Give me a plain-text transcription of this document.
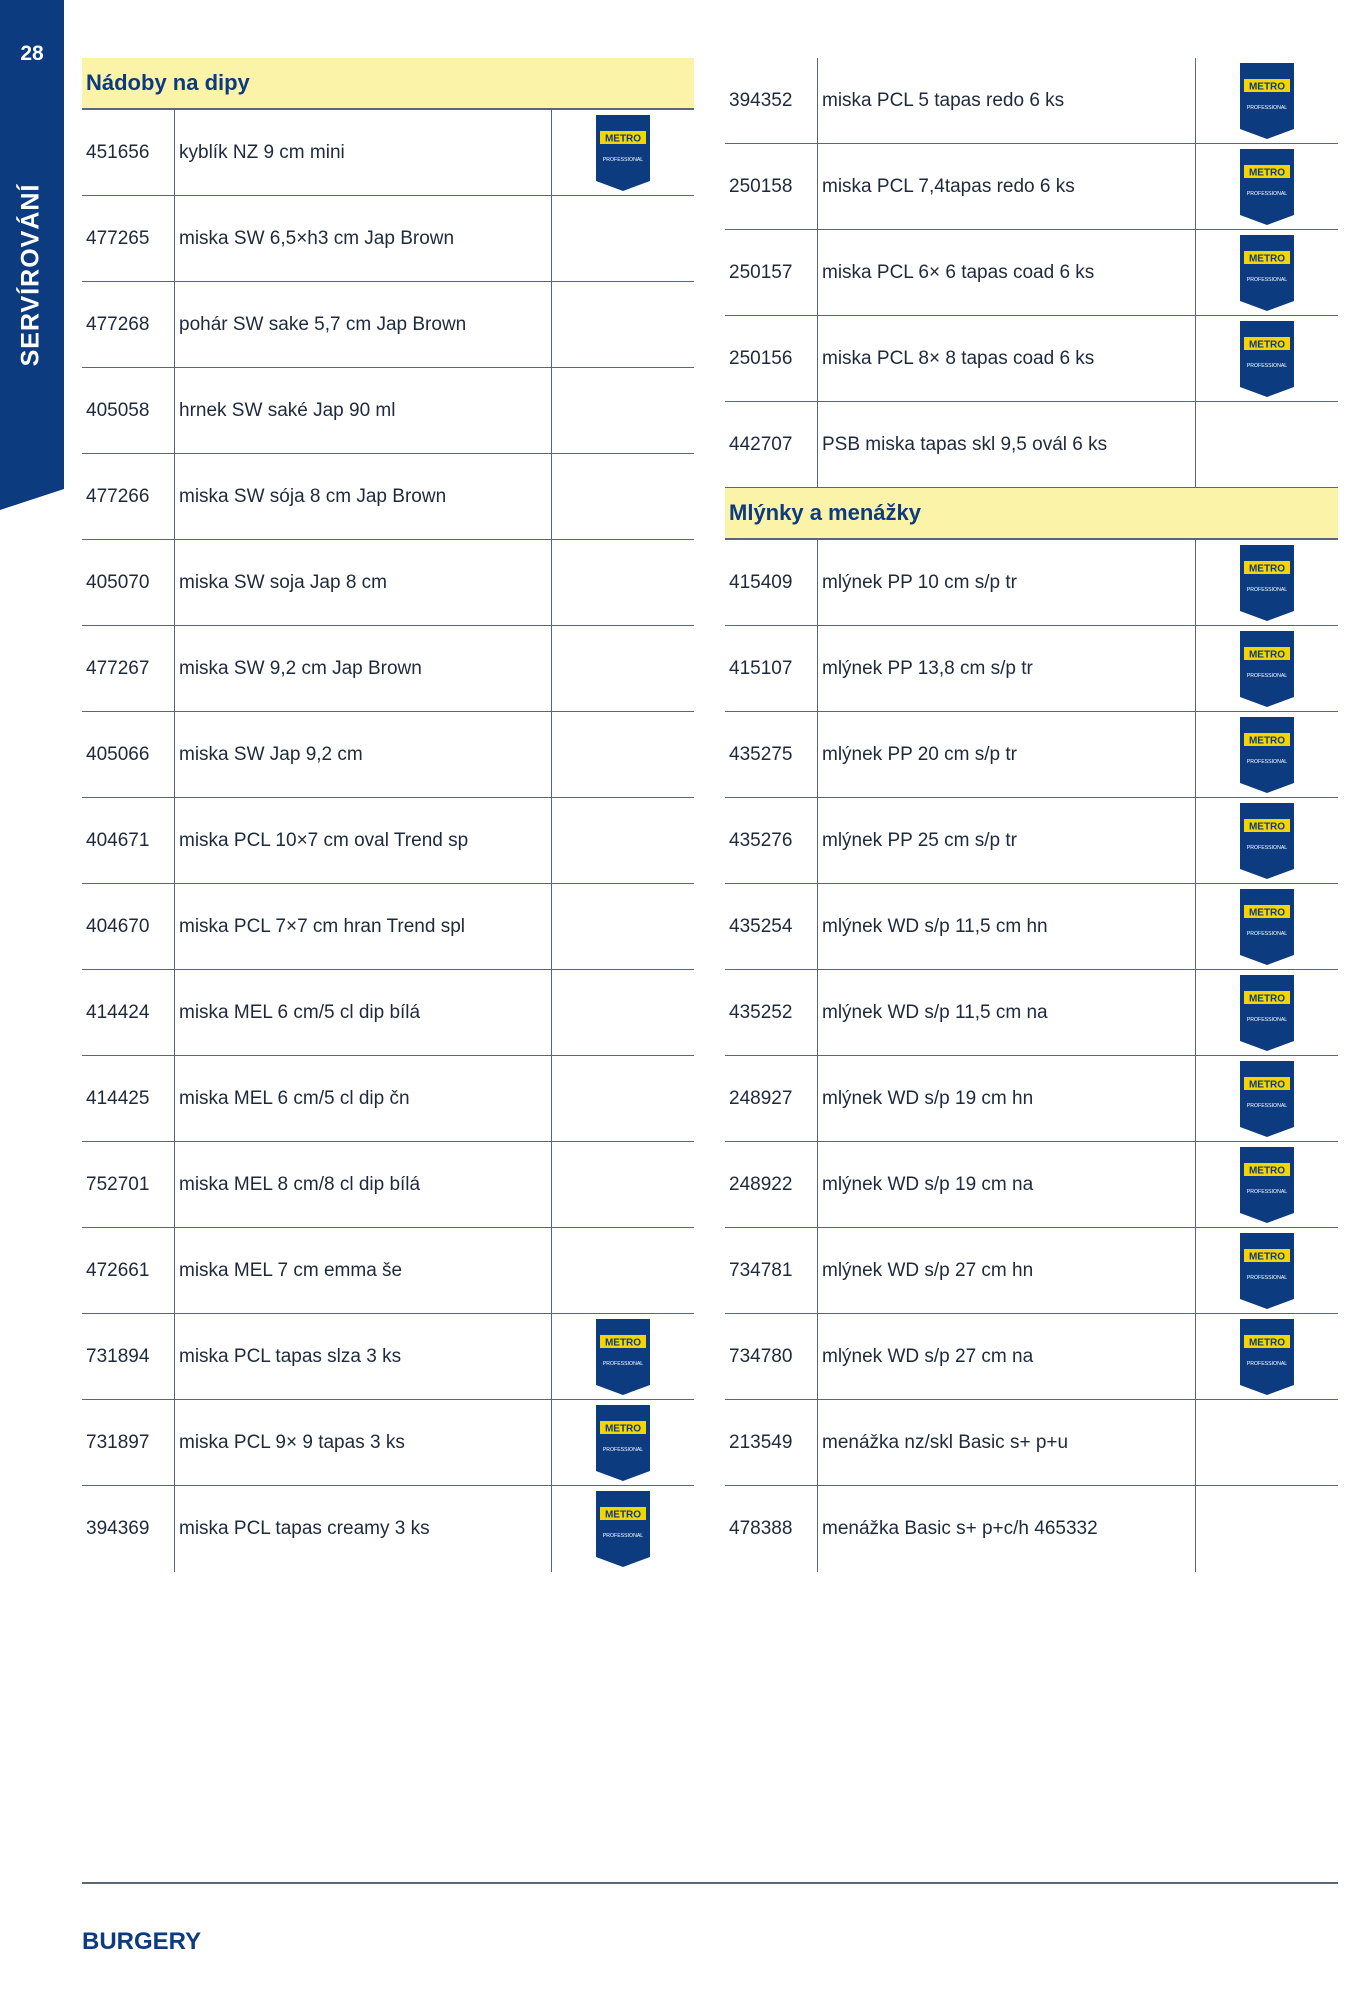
28
SERVÍROVÁNÍ
Nádoby na dipy
451656	kyblík NZ 9 cm mini
METRO
PROFESSIONAL
477265	miska SW 6,5×h3 cm Jap Brown
477268	pohár SW sake 5,7 cm Jap Brown
405058	hrnek SW saké Jap 90 ml
477266	miska SW sója 8 cm Jap Brown
405070	miska SW soja Jap 8 cm
477267	miska SW 9,2 cm Jap Brown
405066	miska SW Jap 9,2 cm
404671	miska PCL 10×7 cm oval Trend sp
404670	miska PCL 7×7 cm hran Trend spl
414424	miska MEL 6 cm/5 cl dip bílá
414425	miska MEL 6 cm/5 cl dip čn
752701	miska MEL 8 cm/8 cl dip bílá
472661	miska MEL 7 cm emma še
731894	miska PCL tapas slza 3 ks
METRO
PROFESSIONAL
731897	miska PCL 9× 9 tapas 3 ks
METRO
PROFESSIONAL
394369	miska PCL tapas creamy 3 ks
METRO
PROFESSIONAL
394352	miska PCL 5 tapas redo 6 ks
METRO
PROFESSIONAL
250158	miska PCL 7,4tapas redo 6 ks
METRO
PROFESSIONAL
250157	miska PCL 6× 6 tapas coad 6 ks
METRO
PROFESSIONAL
250156	miska PCL 8× 8 tapas coad 6 ks
METRO
PROFESSIONAL
442707	PSB miska tapas skl 9,5 ovál 6 ks
Mlýnky a menážky
415409	mlýnek PP 10 cm s/p tr
METRO
PROFESSIONAL
415107	mlýnek PP 13,8 cm s/p tr
METRO
PROFESSIONAL
435275	mlýnek PP 20 cm s/p tr
METRO
PROFESSIONAL
435276	mlýnek PP 25 cm s/p tr
METRO
PROFESSIONAL
435254	mlýnek WD s/p 11,5 cm hn
METRO
PROFESSIONAL
435252	mlýnek WD s/p 11,5 cm na
METRO
PROFESSIONAL
248927	mlýnek WD s/p 19 cm hn
METRO
PROFESSIONAL
248922	mlýnek WD s/p 19 cm na
METRO
PROFESSIONAL
734781	mlýnek WD s/p 27 cm hn
METRO
PROFESSIONAL
734780	mlýnek WD s/p 27 cm na
METRO
PROFESSIONAL
213549	menážka nz/skl Basic s+ p+u
478388	menážka Basic s+ p+c/h 465332
BURGERY
